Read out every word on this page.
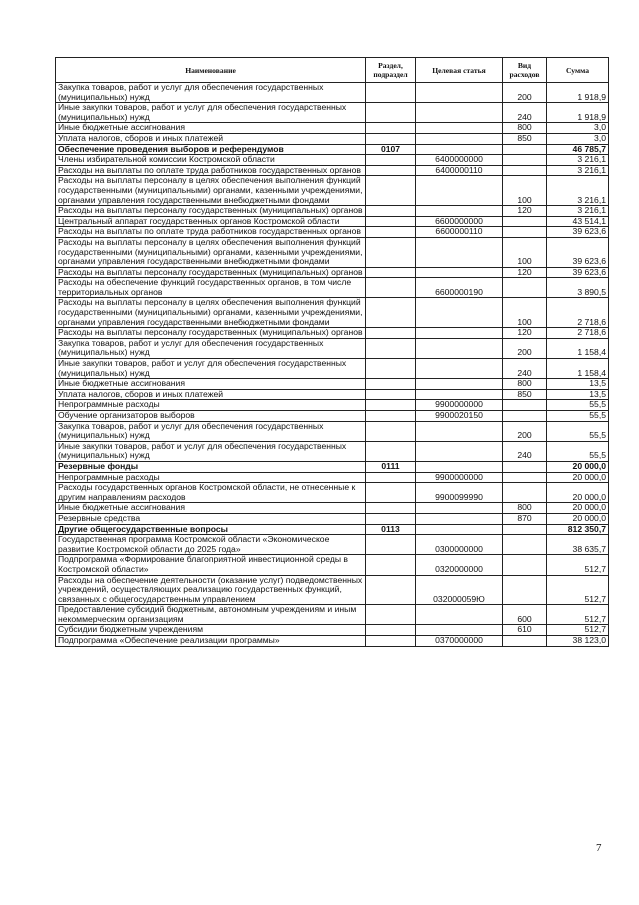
Наименование	Раздел, подраздел	Целевая статья	Вид расходов	Сумма
Закупка товаров, работ и услуг для обеспечения государственных (муниципальных) нужд			200	1 918,9
Иные закупки товаров, работ и услуг для обеспечения государственных (муниципальных) нужд			240	1 918,9
Иные бюджетные ассигнования			800	3,0
Уплата налогов, сборов и иных платежей			850	3,0
Обеспечение проведения выборов и референдумов	0107			46 785,7
Члены избирательной комиссии Костромской области		6400000000		3 216,1
Расходы на выплаты по оплате труда работников государственных органов		6400000110		3 216,1
Расходы на выплаты персоналу в целях обеспечения выполнения функций государственными (муниципальными) органами, казенными учреждениями, органами управления государственными внебюджетными фондами			100	3 216,1
Расходы на выплаты персоналу государственных (муниципальных) органов			120	3 216,1
Центральный аппарат государственных органов Костромской области		6600000000		43 514,1
Расходы на выплаты по оплате труда работников государственных органов		6600000110		39 623,6
Расходы на выплаты персоналу в целях обеспечения выполнения функций государственными (муниципальными) органами, казенными учреждениями, органами управления государственными внебюджетными фондами			100	39 623,6
Расходы на выплаты персоналу государственных (муниципальных) органов			120	39 623,6
Расходы на обеспечение функций государственных органов, в том числе территориальных органов		6600000190		3 890,5
Расходы на выплаты персоналу в целях обеспечения выполнения функций государственными (муниципальными) органами, казенными учреждениями, органами управления государственными внебюджетными фондами			100	2 718,6
Расходы на выплаты персоналу государственных (муниципальных) органов			120	2 718,6
Закупка товаров, работ и услуг для обеспечения государственных (муниципальных) нужд			200	1 158,4
Иные закупки товаров, работ и услуг для обеспечения государственных (муниципальных) нужд			240	1 158,4
Иные бюджетные ассигнования			800	13,5
Уплата налогов, сборов и иных платежей			850	13,5
Непрограммные расходы		9900000000		55,5
Обучение организаторов выборов		9900020150		55,5
Закупка товаров, работ и услуг для обеспечения государственных (муниципальных) нужд			200	55,5
Иные закупки товаров, работ и услуг для обеспечения государственных (муниципальных) нужд			240	55,5
Резервные фонды	0111			20 000,0
Непрограммные расходы		9900000000		20 000,0
Расходы государственных органов Костромской области, не отнесенные к другим направлениям расходов		9900099990		20 000,0
Иные бюджетные ассигнования			800	20 000,0
Резервные средства			870	20 000,0
Другие общегосударственные вопросы	0113			812 350,7
Государственная программа Костромской области «Экономическое развитие Костромской области до 2025 года»		0300000000		38 635,7
Подпрограмма «Формирование благоприятной инвестиционной среды в Костромской области»		0320000000		512,7
Расходы на обеспечение деятельности (оказание услуг) подведомственных учреждений, осуществляющих реализацию государственных функций, связанных с общегосударственным управлением		032000059Ю		512,7
Предоставление субсидий бюджетным, автономным учреждениям и иным некоммерческим организациям			600	512,7
Субсидии бюджетным учреждениям			610	512,7
Подпрограмма «Обеспечение реализации программы»		0370000000		38 123,0
7
